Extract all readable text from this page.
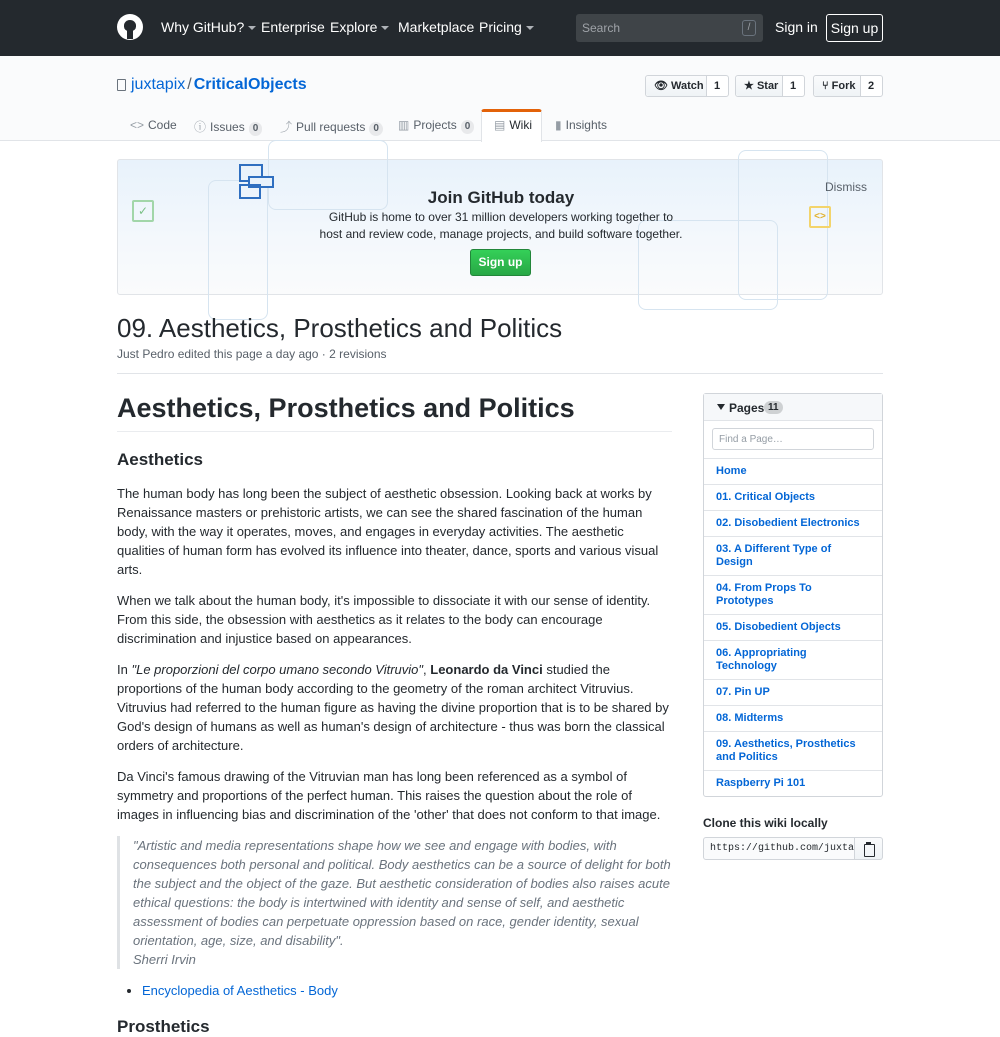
Why GitHub?	Enterprise Explore	Marketplace Pricing
Search	/	Sign in Sign up
juxtapix / CriticalObjects	👁 Watch 1	★ Star	1	⑂ Fork	2
<> Code ⓘ Issues 0	⤴ Pull requests 0	▥ Projects 0	▤ Wiki ▮ Insights
✓	<>
Join GitHub today
GitHub is home to over 31 million developers working together to host and review code, manage projects, and build software together.
Sign up
Dismiss
09. Aesthetics, Prosthetics and Politics
Just Pedro edited this page a day ago · 2 revisions
Aesthetics, Prosthetics and Politics
Aesthetics
The human body has long been the subject of aesthetic obsession. Looking back at works by Renaissance masters or prehistoric artists, we can see the shared fascination of the human body, with the way it operates, moves, and engages in everyday activities. The aesthetic qualities of human form has evolved its influence into theater, dance, sports and various visual arts.
When we talk about the human body, it's impossible to dissociate it with our sense of identity. From this side, the obsession with aesthetics as it relates to the body can encourage discrimination and injustice based on appearances.
In "Le proporzioni del corpo umano secondo Vitruvio", Leonardo da Vinci studied the proportions of the human body according to the geometry of the roman architect Vitruvius. Vitruvius had referred to the human figure as having the divine proportion that is to be shared by God's design of humans as well as human's design of architecture - thus was born the classical orders of architecture.
Da Vinci's famous drawing of the Vitruvian man has long been referenced as a symbol of symmetry and proportions of the perfect human. This raises the question about the role of images in influencing bias and discrimination of the 'other' that does not conform to that image.
"Artistic and media representations shape how we see and engage with bodies, with consequences both personal and political. Body aesthetics can be a source of delight for both the subject and the object of the gaze. But aesthetic consideration of bodies also raises acute ethical questions: the body is intertwined with identity and sense of self, and aesthetic assessment of bodies can perpetuate oppression based on race, gender identity, sexual orientation, age, size, and disability".
Sherri Irvin
• Encyclopedia of Aesthetics - Body
Prosthetics
Pages 11
Find a Page…
Home
01. Critical Objects
02. Disobedient Electronics
03. A Different Type of Design
04. From Props To Prototypes
05. Disobedient Objects
06. Appropriating Technology
07. Pin UP
08. Midterms
09. Aesthetics, Prosthetics and Politics
Raspberry Pi 101
Clone this wiki locally
https://github.com/juxtapix/CriticalObjects.wiki.git
